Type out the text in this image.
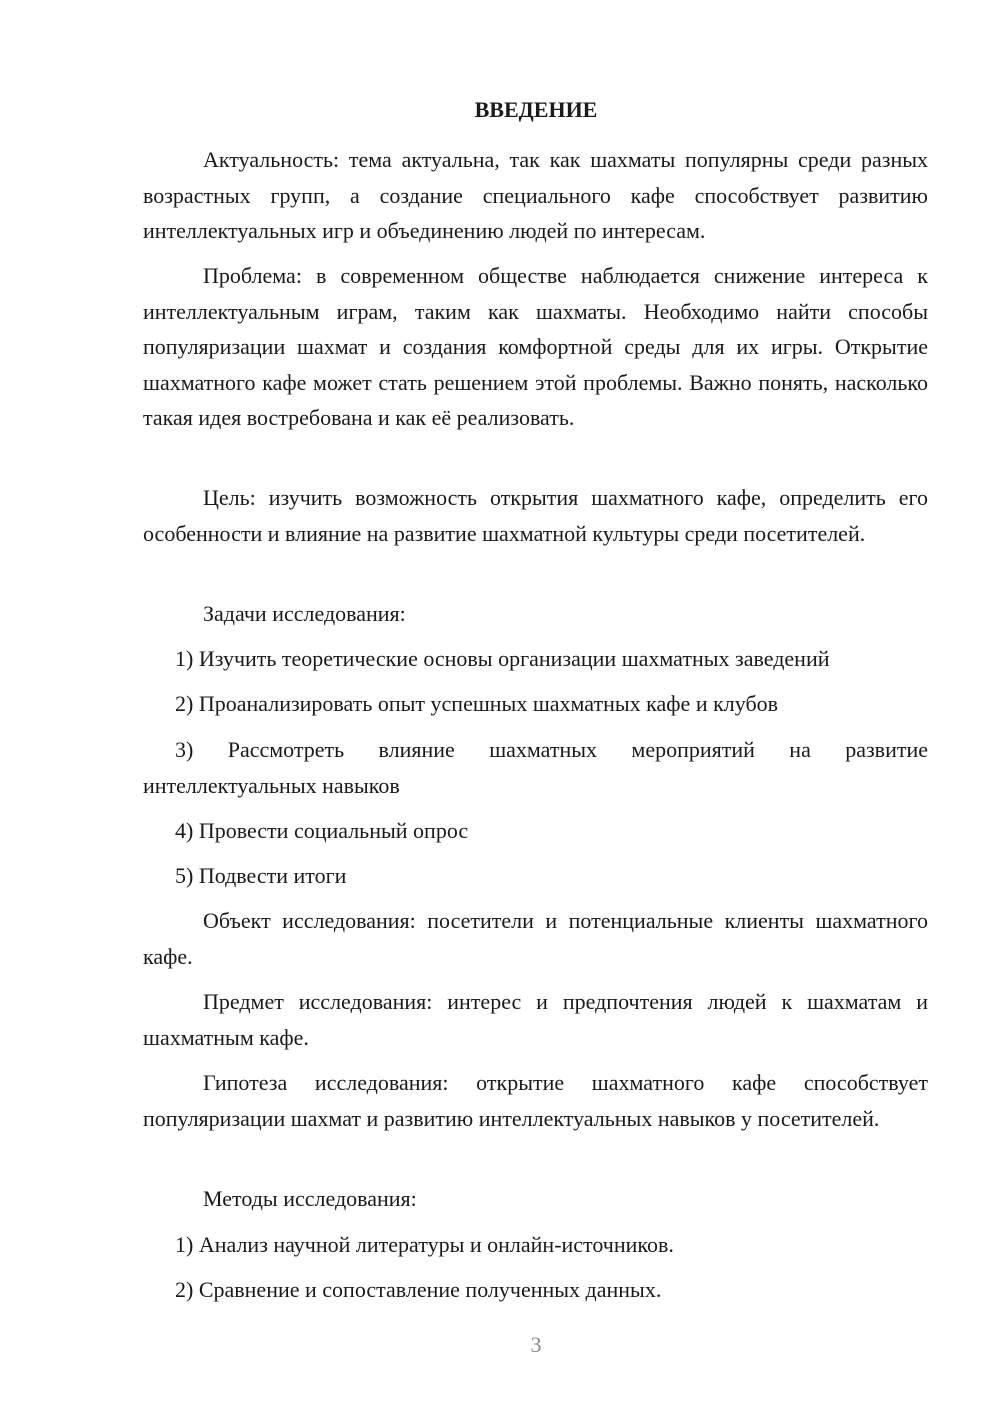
ВВЕДЕНИЕ

Актуальность: тема актуальна, так как шахматы популярны среди разных возрастных групп, а создание специального кафе способствует развитию интеллектуальных игр и объединению людей по интересам.

Проблема: в современном обществе наблюдается снижение интереса к интеллектуальным играм, таким как шахматы. Необходимо найти способы популяризации шахмат и создания комфортной среды для их игры. Открытие шахматного кафе может стать решением этой проблемы. Важно понять, насколько такая идея востребована и как её реализовать.

Цель: изучить возможность открытия шахматного кафе, определить его особенности и влияние на развитие шахматной культуры среди посетителей.

Задачи исследования:

1) Изучить теоретические основы организации шахматных заведений

2) Проанализировать опыт успешных шахматных кафе и клубов

3) Рассмотреть влияние шахматных мероприятий на развитие интеллектуальных навыков

4) Провести социальный опрос

5) Подвести итоги

Объект исследования: посетители и потенциальные клиенты шахматного кафе.

Предмет исследования: интерес и предпочтения людей к шахматам и шахматным кафе.

Гипотеза исследования: открытие шахматного кафе способствует популяризации шахмат и развитию интеллектуальных навыков у посетителей.

Методы исследования:

1) Анализ научной литературы и онлайн-источников.

2) Сравнение и сопоставление полученных данных.

3
